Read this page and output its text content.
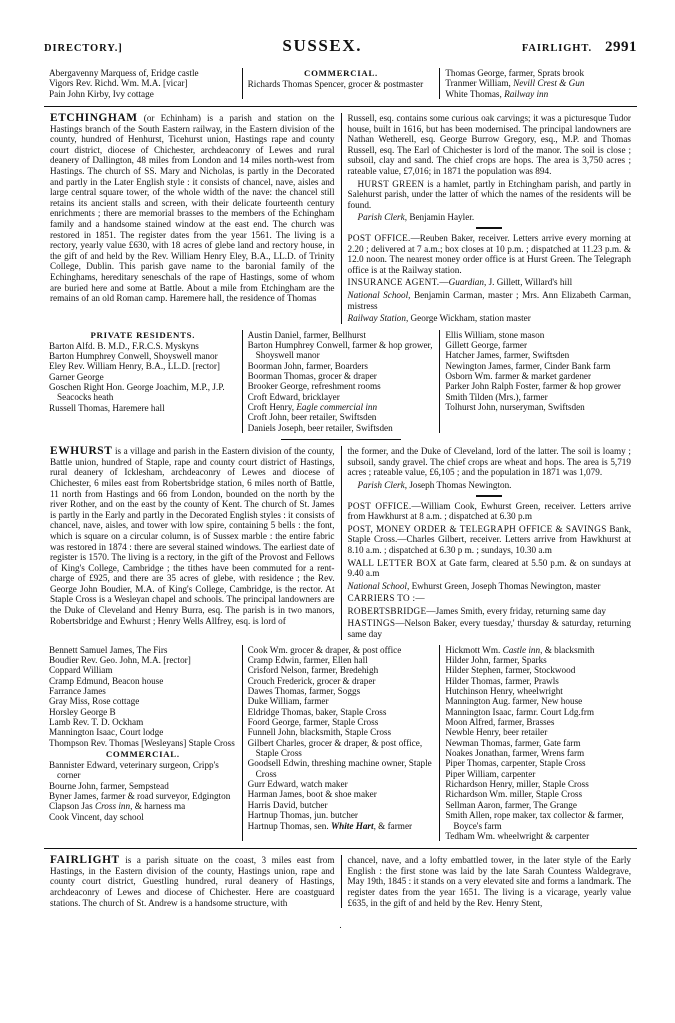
DIRECTORY.]	SUSSEX.	FAIRLIGHT. 2991
Abergavenny Marquess of, Eridge castle
Vigors Rev. Richd. Wm. M.A. [vicar]
Pain John Kirby, Ivy cottage
COMMERCIAL.
Richards Thomas Spencer, grocer & postmaster
Thomas George, farmer, Sprats brook
Tranmer William, Nevill Crest & Gun
White Thomas, Railway inn

ETCHINGHAM (or Echinham) is a parish and station on the Hastings branch of the South Eastern railway, in the Eastern division of the county, hundred of Henhurst, Ticehurst union, Hastings rape and county court district, diocese of Chichester, archdeaconry of Lewes and rural deanery of Dallington, 48 miles from London and 14 miles north-west from Hastings. The church of SS. Mary and Nicholas, is partly in the Decorated and partly in the Later English style : it consists of chancel, nave, aisles and large central square tower, of the whole width of the nave: the chancel still retains its ancient stalls and screen, with their delicate fourteenth century enrichments ; there are memorial brasses to the members of the Echingham family and a handsome stained window at the east end. The church was restored in 1851. The register dates from the year 1561. The living is a rectory, yearly value £630, with 18 acres of glebe land and rectory house, in the gift of and held by the Rev. William Henry Eley, B.A., LL.D. of Trinity College, Dublin. This parish gave name to the baronial family of the Echinghams, hereditary seneschals of the rape of Hastings, some of whom are buried here and some at Battle. About a mile from Etchingham are the remains of an old Roman camp. Haremere hall, the residence of Thomas

Russell, esq. contains some curious oak carvings; it was a picturesque Tudor house, built in 1616, but has been modernised. The principal landowners are Nathan Wetherell, esq. George Burrow Gregory, esq., M.P. and Thomas Russell, esq. The Earl of Chichester is lord of the manor. The soil is close ; subsoil, clay and sand. The chief crops are hops. The area is 3,750 acres ; rateable value, £7,016; in 1871 the population was 894.

HURST GREEN is a hamlet, partly in Etchingham parish, and partly in Salehurst parish, under the latter of which the names of the residents will be found.

Parish Clerk, Benjamin Hayler.

POST OFFICE.—Reuben Baker, receiver. Letters arrive every morning at 2.20 ; delivered at 7 a.m.; box closes at 10 p.m. ; dispatched at 11.23 p.m. & 12.0 noon. The nearest money order office is at Hurst Green. The Telegraph office is at the Railway station.

INSURANCE AGENT.—Guardian, J. Gillett, Willard's hill

National School, Benjamin Carman, master ; Mrs. Ann Elizabeth Carman, mistress

Railway Station, George Wickham, station master

PRIVATE RESIDENTS.
Barton Alfd. B. M.D., F.R.C.S. Myskyns
Barton Humphrey Conwell, Shoyswell manor
Eley Rev. William Henry, B.A., LL.D. [rector]
Garner George
Goschen Right Hon. George Joachim, M.P., J.P. Seacocks heath
Russell Thomas, Haremere hall
Austin Daniel, farmer, Bellhurst
Barton Humphrey Conwell, farmer & hop grower, Shoyswell manor
Boorman John, farmer, Boarders
Boorman Thomas, grocer & draper
Brooker George, refreshment rooms
Croft Edward, bricklayer
Croft Henry, Eagle commercial inn
Croft John, beer retailer, Swiftsden
Daniels Joseph, beer retailer, Swiftsden
Ellis William, stone mason
Gillett George, farmer
Hatcher James, farmer, Swiftsden
Newington James, farmer, Cinder Bank farm
Osborn Wm. farmer & market gardener
Parker John Ralph Foster, farmer & hop grower
Smith Tilden (Mrs.), farmer
Tolhurst John, nurseryman, Swiftsden

EWHURST is a village and parish in the Eastern division of the county, Battle union, hundred of Staple, rape and county court district of Hastings, rural deanery of Icklesham, archdeaconry of Lewes and diocese of Chichester, 6 miles east from Robertsbridge station, 6 miles north of Battle, 11 north from Hastings and 66 from London, bounded on the north by the river Rother, and on the east by the county of Kent. The church of St. James is partly in the Early and partly in the Decorated English styles : it consists of chancel, nave, aisles, and tower with low spire, containing 5 bells : the font, which is square on a circular column, is of Sussex marble : the entire fabric was restored in 1874 : there are several stained windows. The earliest date of register is 1570. The living is a rectory, in the gift of the Provost and Fellows of King's College, Cambridge ; the tithes have been commuted for a rent-charge of £925, and there are 35 acres of glebe, with residence ; the Rev. George John Boudier, M.A. of King's College, Cambridge, is the rector. At Staple Cross is a Wesleyan chapel and schools. The principal landowners are the Duke of Cleveland and Henry Burra, esq. The parish is in two manors, Robertsbridge and Ewhurst ; Henry Wells Allfrey, esq. is lord of

the former, and the Duke of Cleveland, lord of the latter. The soil is loamy ; subsoil, sandy gravel. The chief crops are wheat and hops. The area is 5,719 acres ; rateable value, £6,105 ; and the population in 1871 was 1,079.

Parish Clerk, Joseph Thomas Newington.

POST OFFICE.—William Cook, Ewhurst Green, receiver. Letters arrive from Hawkhurst at 8 a.m. ; dispatched at 6.30 p.m

POST, MONEY ORDER & TELEGRAPH OFFICE & SAVINGS Bank, Staple Cross.—Charles Gilbert, receiver. Letters arrive from Hawkhurst at 8.10 a.m. ; dispatched at 6.30 p m. ; sundays, 10.30 a.m

WALL LETTER BOX at Gate farm, cleared at 5.50 p.m. & on sundays at 9.40 a.m

National School, Ewhurst Green, Joseph Thomas Newington, master

CARRIERS TO :—

ROBERTSBRIDGE—James Smith, every friday, returning same day

HASTINGS—Nelson Baker, every tuesday,' thursday & saturday, returning same day

Bennett Samuel James, The Firs
Boudier Rev. Geo. John, M.A. [rector]
Coppard William
Cramp Edmund, Beacon house
Farrance James
Gray Miss, Rose cottage
Horsley George B
Lamb Rev. T. D. Ockham
Mannington Isaac, Court lodge
Thompson Rev. Thomas [Wesleyans] Staple Cross
COMMERCIAL.
Bannister Edward, veterinary surgeon, Cripp's corner
Bourne John, farmer, Sempstead
Byner James, farmer & road surveyor, Edgington
Clapson Jas Cross inn, & harness ma
Cook Vincent, day school
Cook Wm. grocer & draper, & post office
Cramp Edwin, farmer, Ellen hall
Crisford Nelson, farmer, Bredehigh
Crouch Frederick, grocer & draper
Dawes Thomas, farmer, Soggs
Duke William, farmer
Eldridge Thomas, baker, Staple Cross
Foord George, farmer, Staple Cross
Funnell John, blacksmith, Staple Cross
Gilbert Charles, grocer & draper, & post office, Staple Cross
Goodsell Edwin, threshing machine owner, Staple Cross
Gurr Edward, watch maker
Harman James, boot & shoe maker
Harris David, butcher
Hartnup Thomas, jun. butcher
Hartnup Thomas, sen. White Hart, & farmer
Hickmott Wm. Castle inn, & blacksmith
Hilder John, farmer, Sparks
Hilder Stephen, farmer, Stockwood
Hilder Thomas, farmer, Prawls
Hutchinson Henry, wheelwright
Mannington Aug. farmer, New house
Mannington Isaac, farmr. Court Ldg.frm
Moon Alfred, farmer, Brasses
Newble Henry, beer retailer
Newman Thomas, farmer, Gate farm
Noakes Jonathan, farmer, Wrens farm
Piper Thomas, carpenter, Staple Cross
Piper William, carpenter
Richardson Henry, miller, Staple Cross
Richardson Wm. miller, Staple Cross
Sellman Aaron, farmer, The Grange
Smith Allen, rope maker, tax collector & farmer, Boyce's farm
Tedham Wm. wheelwright & carpenter

FAIRLIGHT is a parish situate on the coast, 3 miles east from Hastings, in the Eastern division of the county, Hastings union, rape and county court district, Guestling hundred, rural deanery of Hastings, archdeaconry of Lewes and diocese of Chichester. Here are coastguard stations. The church of St. Andrew is a handsome structure, with

chancel, nave, and a lofty embattled tower, in the later style of the Early English : the first stone was laid by the late Sarah Countess Waldegrave, May 19th, 1845 : it stands on a very elevated site and forms a landmark. The register dates from the year 1651. The living is a vicarage, yearly value £635, in the gift of and held by the Rev. Henry Stent,

.
